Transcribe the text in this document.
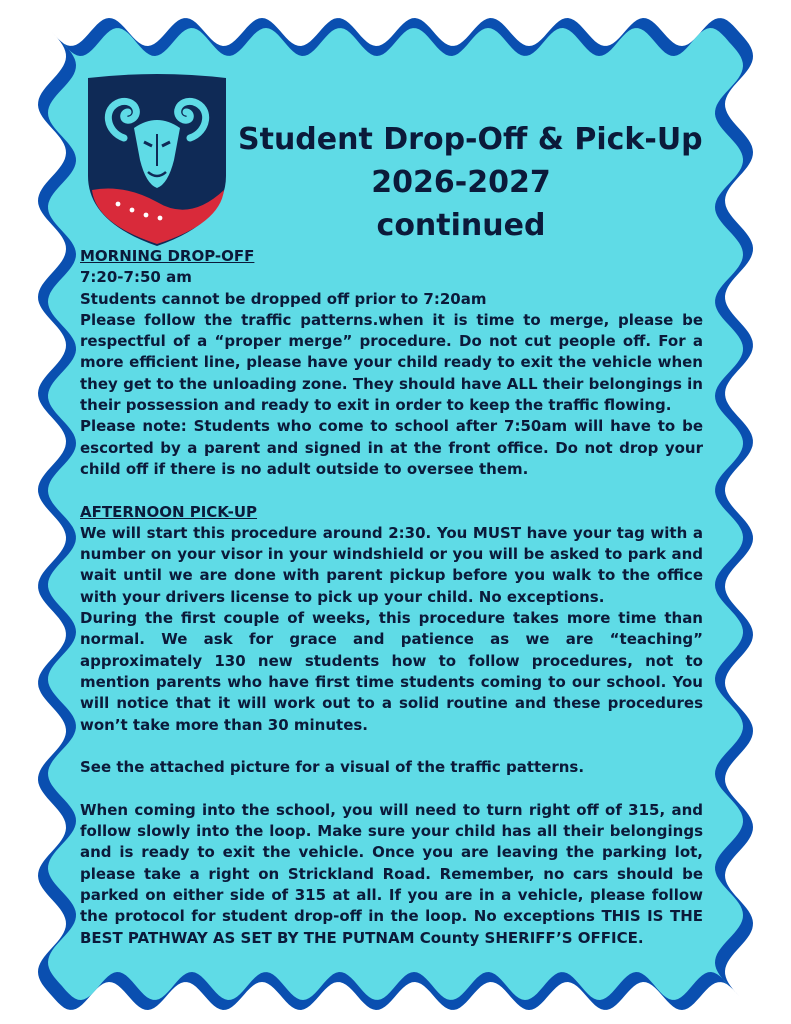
Student Drop-Off & Pick-Up
2026-2027
continued

MORNING DROP-OFF

7:20-7:50 am

Students cannot be dropped off prior to 7:20am

Please follow the traffic patterns.when it is time to merge, please be respectful of a “proper merge” procedure. Do not cut people off. For a more efficient line, please have your child ready to exit the vehicle when they get to the unloading zone. They should have ALL their belongings in their possession and ready to exit in order to keep the traffic flowing.

Please note: Students who come to school after 7:50am will have to be escorted by a parent and signed in at the front office. Do not drop your child off if there is no adult outside to oversee them.

AFTERNOON PICK-UP

We will start this procedure around 2:30. You MUST have your tag with a number on your visor in your windshield or you will be asked to park and wait until we are done with parent pickup before you walk to the office with your drivers license to pick up your child. No exceptions.

During the first couple of weeks, this procedure takes more time than normal. We ask for grace and patience as we are “teaching” approximately 130 new students how to follow procedures, not to mention parents who have first time students coming to our school. You will notice that it will work out to a solid routine and these procedures won’t take more than 30 minutes.

See the attached picture for a visual of the traffic patterns.

When coming into the school, you will need to turn right off of 315, and follow slowly into the loop. Make sure your child has all their belongings and is ready to exit the vehicle. Once you are leaving the parking lot, please take a right on Strickland Road. Remember, no cars should be parked on either side of 315 at all. If you are in a vehicle, please follow the protocol for student drop-off in the loop. No exceptions THIS IS THE BEST PATHWAY AS SET BY THE PUTNAM County SHERIFF’S OFFICE.
